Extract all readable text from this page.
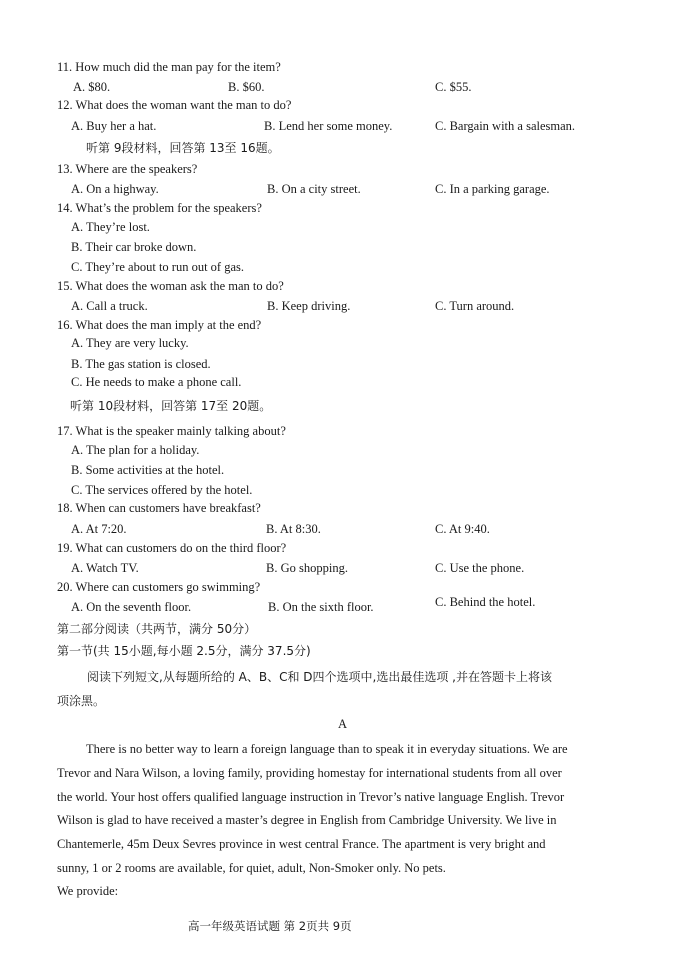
11. How much did the man pay for the item?
A. $80.	B. $60.	C. $55.
12. What does the woman want the man to do?
A. Buy her a hat.	B. Lend her some money.	C. Bargain with a salesman.
听第 9段材料，回答第 13至 16题。
13. Where are the speakers?
A. On a highway.	B. On a city street.	C. In a parking garage.
14. What’s the problem for the speakers?
A. They’re lost.
B. Their car broke down.
C. They’re about to run out of gas.
15. What does the woman ask the man to do?
A. Call a truck.	B. Keep driving.	C. Turn around.
16. What does the man imply at the end?
A. They are very lucky.
B. The gas station is closed.
C. He needs to make a phone call.
听第 10段材料，回答第 17至 20题。
17. What is the speaker mainly talking about?
A. The plan for a holiday.
B. Some activities at the hotel.
C. The services offered by the hotel.
18. When can customers have breakfast?
A. At 7:20.	B. At 8:30.	C. At 9:40.
19. What can customers do on the third floor?
A. Watch TV.	B. Go shopping.	C. Use the phone.
20. Where can customers go swimming?
A. On the seventh floor.	B. On the sixth floor.	C. Behind the hotel.
第二部分阅读（共两节，满分 50分）
第一节(共 15小题,每小题 2.5分，满分 37.5分)
阅读下列短文,从每题所给的 A、B、C和 D四个选项中,选出最佳选项 ,并在答题卡上将该
项涂黑。
A
There is no better way to learn a foreign language than to speak it in everyday situations. We are
Trevor and Nara Wilson, a loving family, providing homestay for international students from all over
the world. Your host offers qualified language instruction in Trevor’s native language English. Trevor
Wilson is glad to have received a master’s degree in English from Cambridge University. We live in
Chantemerle, 45m Deux Sevres province in west central France. The apartment is very bright and
sunny, 1 or 2 rooms are available, for quiet, adult, Non-Smoker only. No pets.
We provide:
高一年级英语试题 第 2页共 9页
